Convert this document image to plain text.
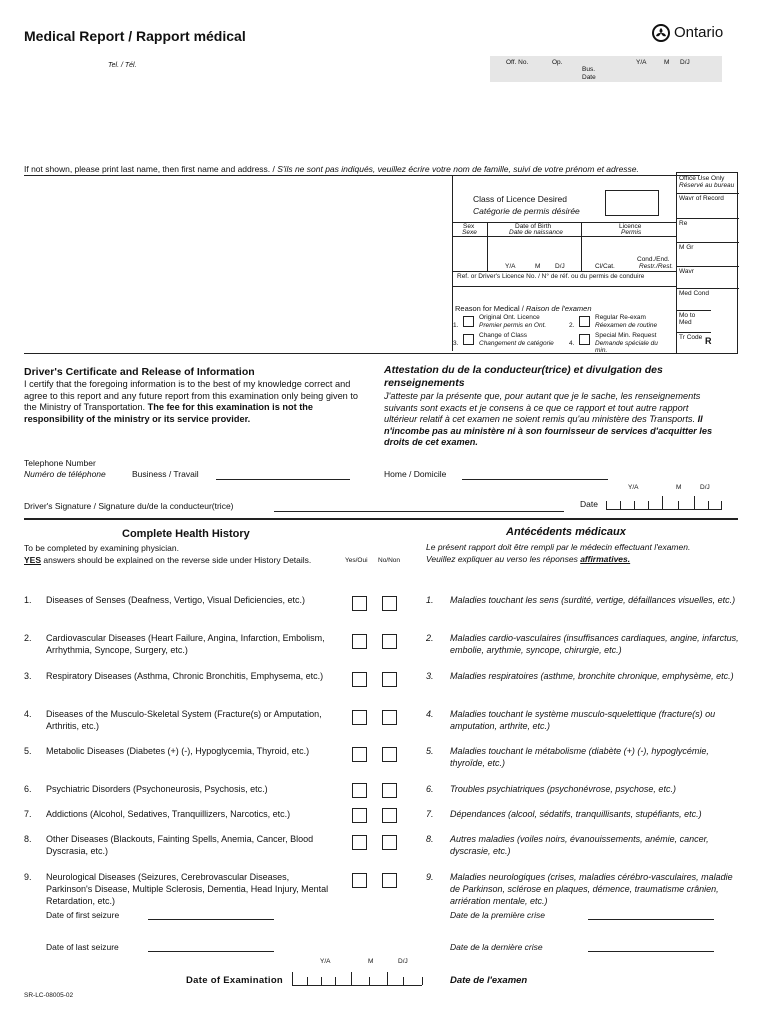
Medical Report / Rapport médical
Tel. / Tél.
Ontario
Off. No.	Op.
Bus.
Date
Y/A	M D/J
If not shown, please print last name, then first name and address. / S'ils ne sont pas indiqués, veuillez écrire votre nom de famille, suivi de votre prénom et adresse.
Class of Licence Desired
Catégorie de permis désirée
Sex
Sexe
Date of Birth
Date de naissance
Licence
Permis
Y/A	M D/J	Cl/Cat.
Cond./End.
Restr./Rest.
Ref. or Driver's Licence No. / N° de réf. ou du permis de conduire
Reason for Medical / Raison de l'examen
1.
Original Ont. Licence
Premier permis en Ont.	2.
Regular Re-exam
Réexamen de routine
3.
Change of Class
Changement de catégorie 4.
Special Min. Request
Demande spéciale du min.
Office Use Only
Réservé au bureau
Wavr of Record
Re
M Gr
Wavr
Med Cond
Mo to Med
Tr Code R
Driver's Certificate and Release of Information
I certify that the foregoing information is to the best of my knowledge correct and agree to this report and any future report from this examination only being given to the Ministry of Transportation. The fee for this examination is not the responsibility of the ministry or its service provider.
Attestation du de la conducteur(trice) et divulgation des renseignements
J'atteste par la présente que, pour autant que je le sache, les renseignements suivants sont exacts et je consens à ce que ce rapport et tout autre rapport ultérieur relatif à cet examen ne soient remis qu'au ministère des Transports. Il n'incombe pas au ministère ni à son fournisseur de services d'acquitter les droits de cet examen.
Telephone Number
Numéro de téléphone	Business / Travail	Home / Domicile
Driver's Signature / Signature du/de la conducteur(trice)
Y/A	M	D/J
Date
Complete Health History	Antécédents médicaux
To be completed by examining physician.
YES answers should be explained on the reverse side under History Details.	Yes/Oui No/Non
Le présent rapport doit être rempli par le médecin effectuant l'examen.
Veuillez expliquer au verso les réponses affirmatives.
1. Diseases of Senses (Deafness, Vertigo, Visual Deficiencies, etc.)	1. Maladies touchant les sens (surdité, vertige, défaillances visuelles, etc.)
2. Cardiovascular Diseases (Heart Failure, Angina, Infarction, Embolism, Arrhythmia, Syncope, Surgery, etc.)
2. Maladies cardio-vasculaires (insuffisances cardiaques, angine, infarctus, embolie, arythmie, syncope, chirurgie, etc.)
3. Respiratory Diseases (Asthma, Chronic Bronchitis, Emphysema, etc.)	3. Maladies respiratoires (asthme, bronchite chronique, emphysème, etc.)
4. Diseases of the Musculo-Skeletal System (Fracture(s) or Amputation, Arthritis, etc.)
4. Maladies touchant le système musculo-squelettique (fracture(s) ou amputation, arthrite, etc.)
5. Metabolic Diseases (Diabetes (+) (-), Hypoglycemia, Thyroid, etc.)	5. Maladies touchant le métabolisme (diabète (+) (-), hypoglycémie, thyroïde, etc.)
6. Psychiatric Disorders (Psychoneurosis, Psychosis, etc.)	6. Troubles psychiatriques (psychonévrose, psychose, etc.)
7. Addictions (Alcohol, Sedatives, Tranquillizers, Narcotics, etc.)	7. Dépendances (alcool, sédatifs, tranquillisants, stupéfiants, etc.)
8. Other Diseases (Blackouts, Fainting Spells, Anemia, Cancer, Blood Dyscrasia, etc.)
8. Autres maladies (voiles noirs, évanouissements, anémie, cancer, dyscrasie, etc.)
9. Neurological Diseases (Seizures, Cerebrovascular Diseases, Parkinson's Disease, Multiple Sclerosis, Dementia, Head Injury, Mental Retardation, etc.)
9. Maladies neurologiques (crises, maladies cérébro-vasculaires, maladie de Parkinson, sclérose en plaques, démence, traumatisme crânien, arriération mentale, etc.)
Date of first seizure	Date de la première crise
Date of last seizure	Date de la dernière crise
Y/A	M	D/J
Date of Examination	Date de l'examen
SR-LC-08005-02
